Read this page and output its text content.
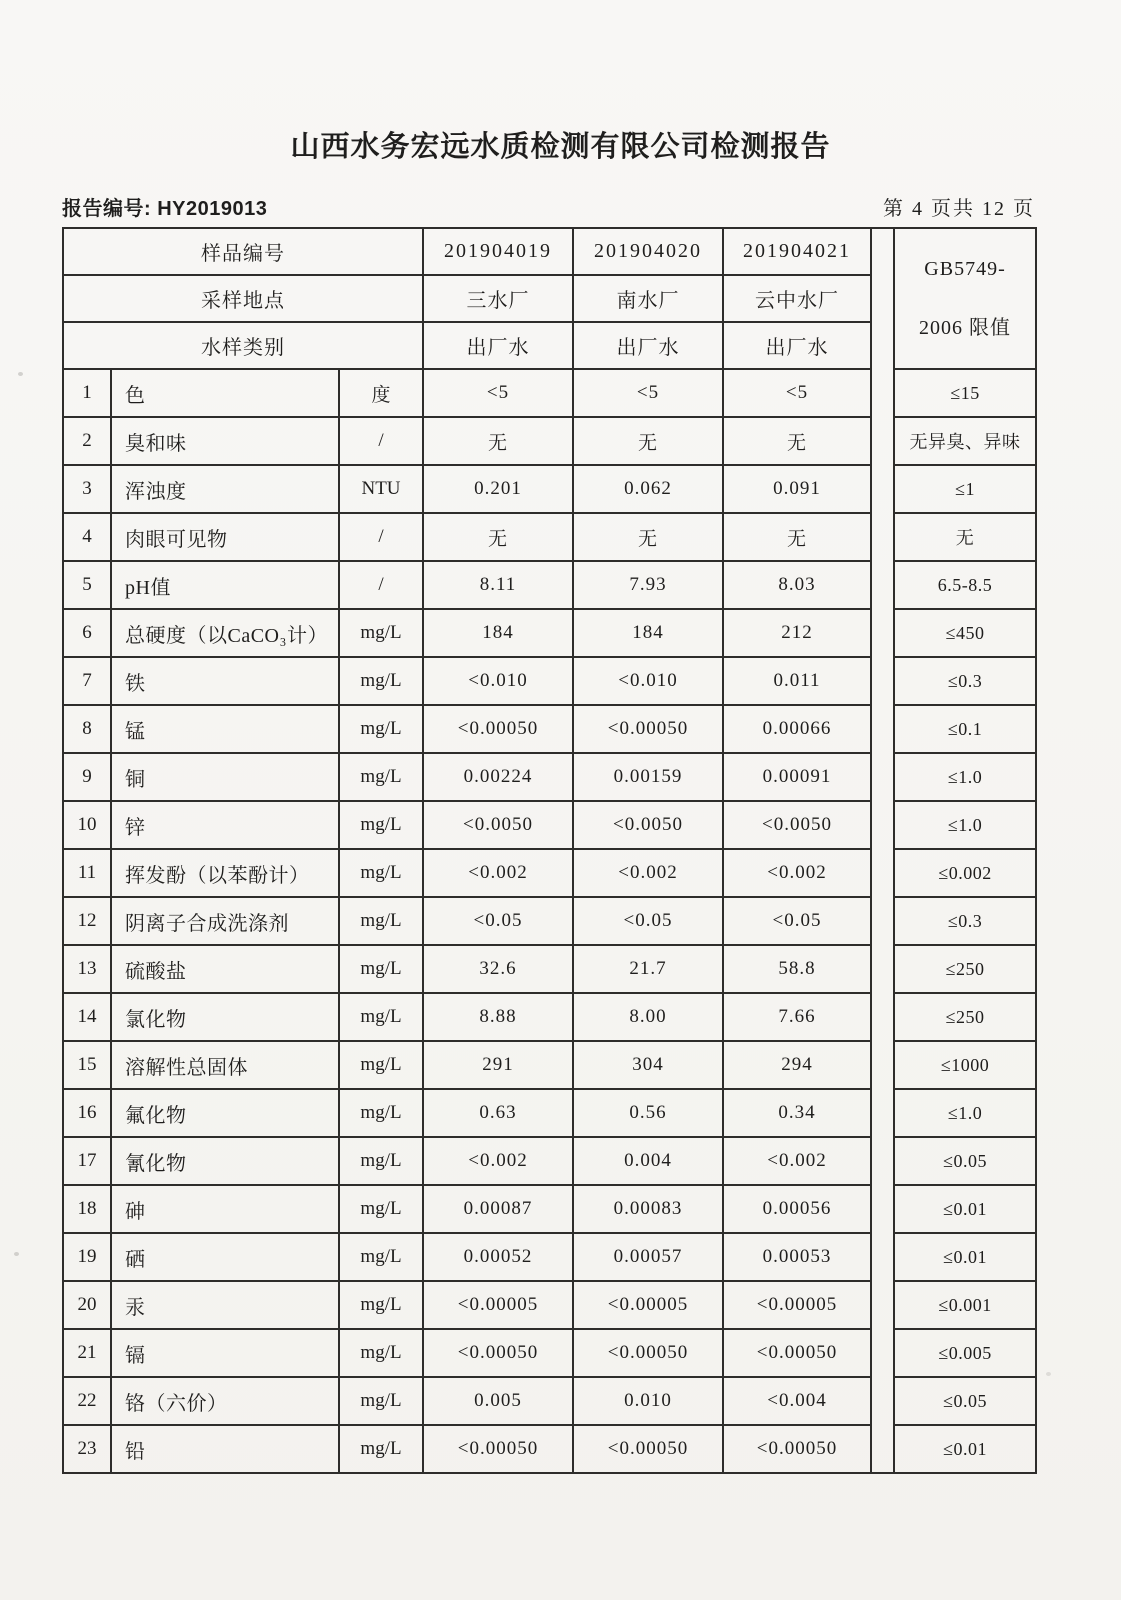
山西水务宏远水质检测有限公司检测报告
报告编号: HY2019013	第 4 页共 12 页
样品编号			201904019	201904020	201904021		GB5749-
2006 限值

采样地点			三水厂	南水厂	云中水厂		
水样类别			出厂水	出厂水	出厂水		
1	色	度	<5	<5	<5		≤15
2	臭和味	/	无	无	无		无异臭、异味
3	浑浊度	NTU	0.201	0.062	0.091		≤1
4	肉眼可见物	/	无	无	无		无
5	pH值	/	8.11	7.93	8.03		6.5-8.5
6	总硬度（以CaCO₃计）	mg/L	184	184	212		≤450
7	铁	mg/L	<0.010	<0.010	0.011		≤0.3
8	锰	mg/L	<0.00050	<0.00050	0.00066		≤0.1
9	铜	mg/L	0.00224	0.00159	0.00091		≤1.0
10	锌	mg/L	<0.0050	<0.0050	<0.0050		≤1.0
11	挥发酚（以苯酚计）	mg/L	<0.002	<0.002	<0.002		≤0.002
12	阴离子合成洗涤剂	mg/L	<0.05	<0.05	<0.05		≤0.3
13	硫酸盐	mg/L	32.6	21.7	58.8		≤250
14	氯化物	mg/L	8.88	8.00	7.66		≤250
15	溶解性总固体	mg/L	291	304	294		≤1000
16	氟化物	mg/L	0.63	0.56	0.34		≤1.0
17	氰化物	mg/L	<0.002	0.004	<0.002		≤0.05
18	砷	mg/L	0.00087	0.00083	0.00056		≤0.01
19	硒	mg/L	0.00052	0.00057	0.00053		≤0.01
20	汞	mg/L	<0.00005	<0.00005	<0.00005		≤0.001
21	镉	mg/L	<0.00050	<0.00050	<0.00050		≤0.005
22	铬（六价）	mg/L	0.005	0.010	<0.004		≤0.05
23	铅	mg/L	<0.00050	<0.00050	<0.00050		≤0.01
